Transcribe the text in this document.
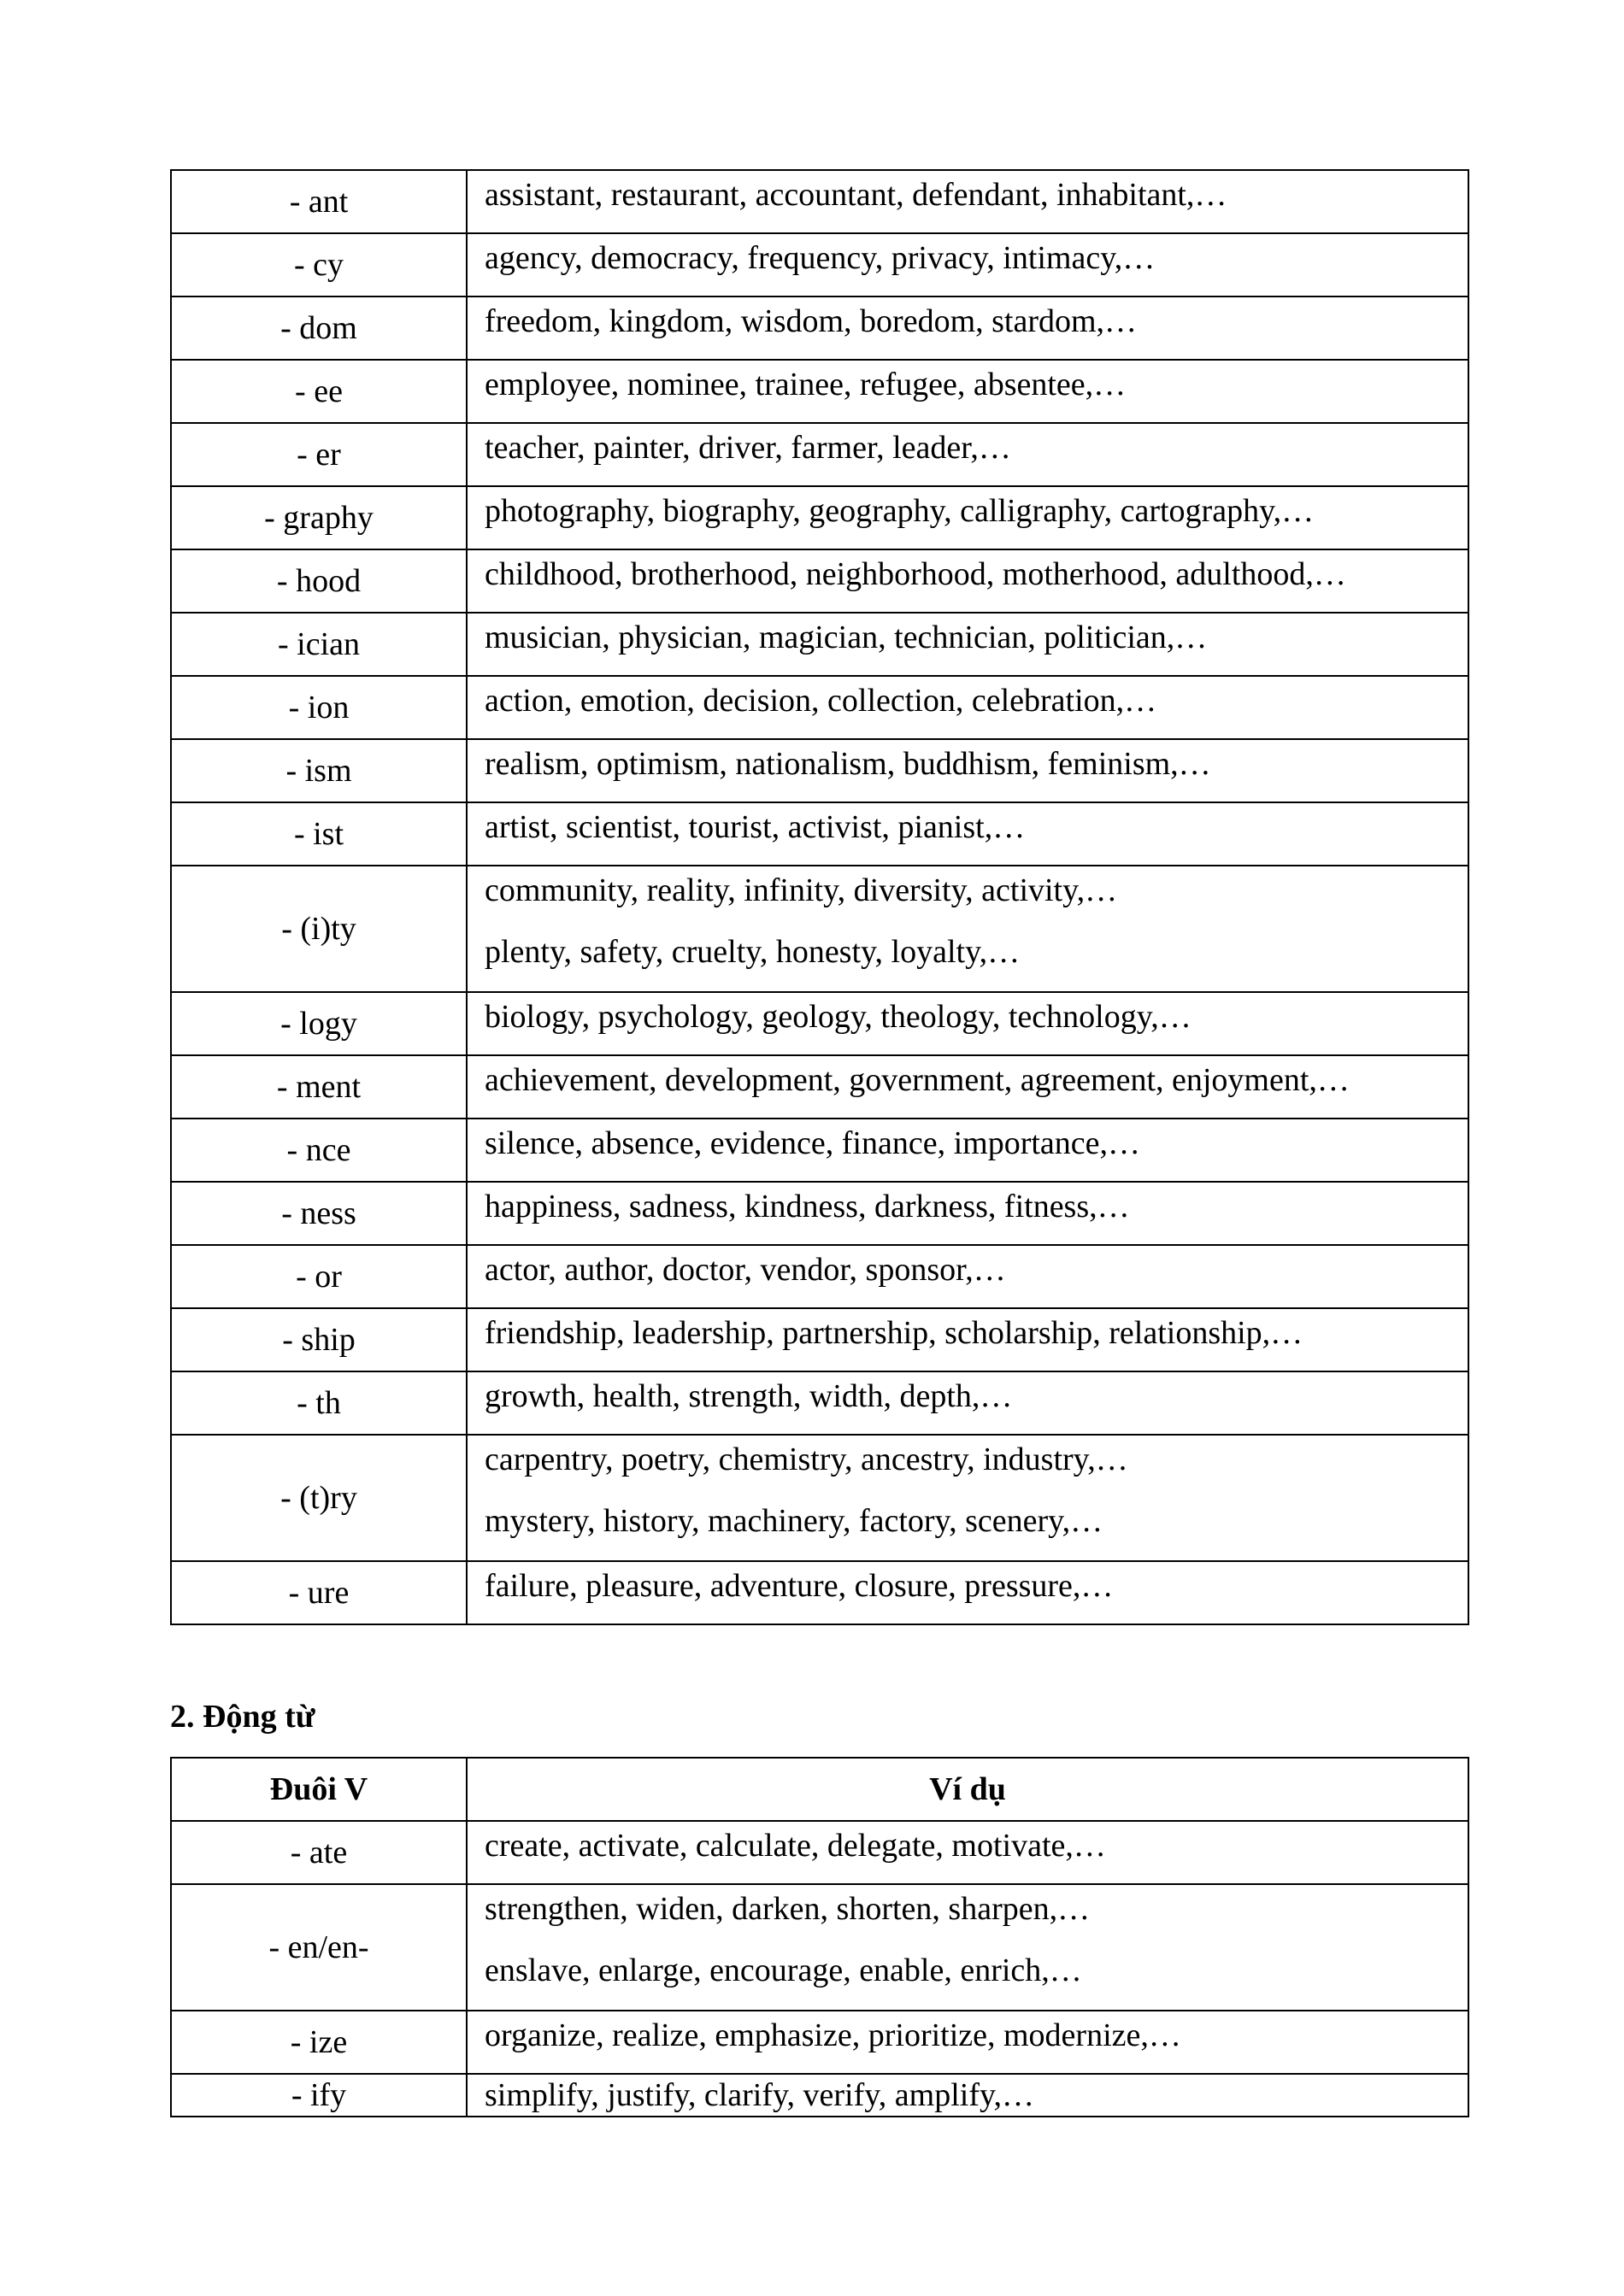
- ant	assistant, restaurant, accountant, defendant, inhabitant,…

- cy	agency, democracy, frequency, privacy, intimacy,…

- dom	freedom, kingdom, wisdom, boredom, stardom,…

- ee	employee, nominee, trainee, refugee, absentee,…

- er	teacher, painter, driver, farmer, leader,…

- graphy	photography, biography, geography, calligraphy, cartography,…

- hood	childhood, brotherhood, neighborhood, motherhood, adulthood,…

- ician	musician, physician, magician, technician, politician,…

- ion	action, emotion, decision, collection, celebration,…

- ism	realism, optimism, nationalism, buddhism, feminism,…

- ist	artist, scientist, tourist, activist, pianist,…

- (i)ty	community, reality, infinity, diversity, activity,…
plenty, safety, cruelty, honesty, loyalty,…

- logy	biology, psychology, geology, theology, technology,…

- ment	achievement, development, government, agreement, enjoyment,…

- nce	silence, absence, evidence, finance, importance,…

- ness	happiness, sadness, kindness, darkness, fitness,…

- or	actor, author, doctor, vendor, sponsor,…

- ship	friendship, leadership, partnership, scholarship, relationship,…

- th	growth, health, strength, width, depth,…

- (t)ry	carpentry, poetry, chemistry, ancestry, industry,…
mystery, history, machinery, factory, scenery,…

- ure	failure, pleasure, adventure, closure, pressure,…
2. Động từ
Đuôi V	Ví dụ
- ate	create, activate, calculate, delegate, motivate,…

- en/en-	strengthen, widen, darken, shorten, sharpen,…
enslave, enlarge, encourage, enable, enrich,…

- ize	organize, realize, emphasize, prioritize, modernize,…

- ify	simplify, justify, clarify, verify, amplify,…
